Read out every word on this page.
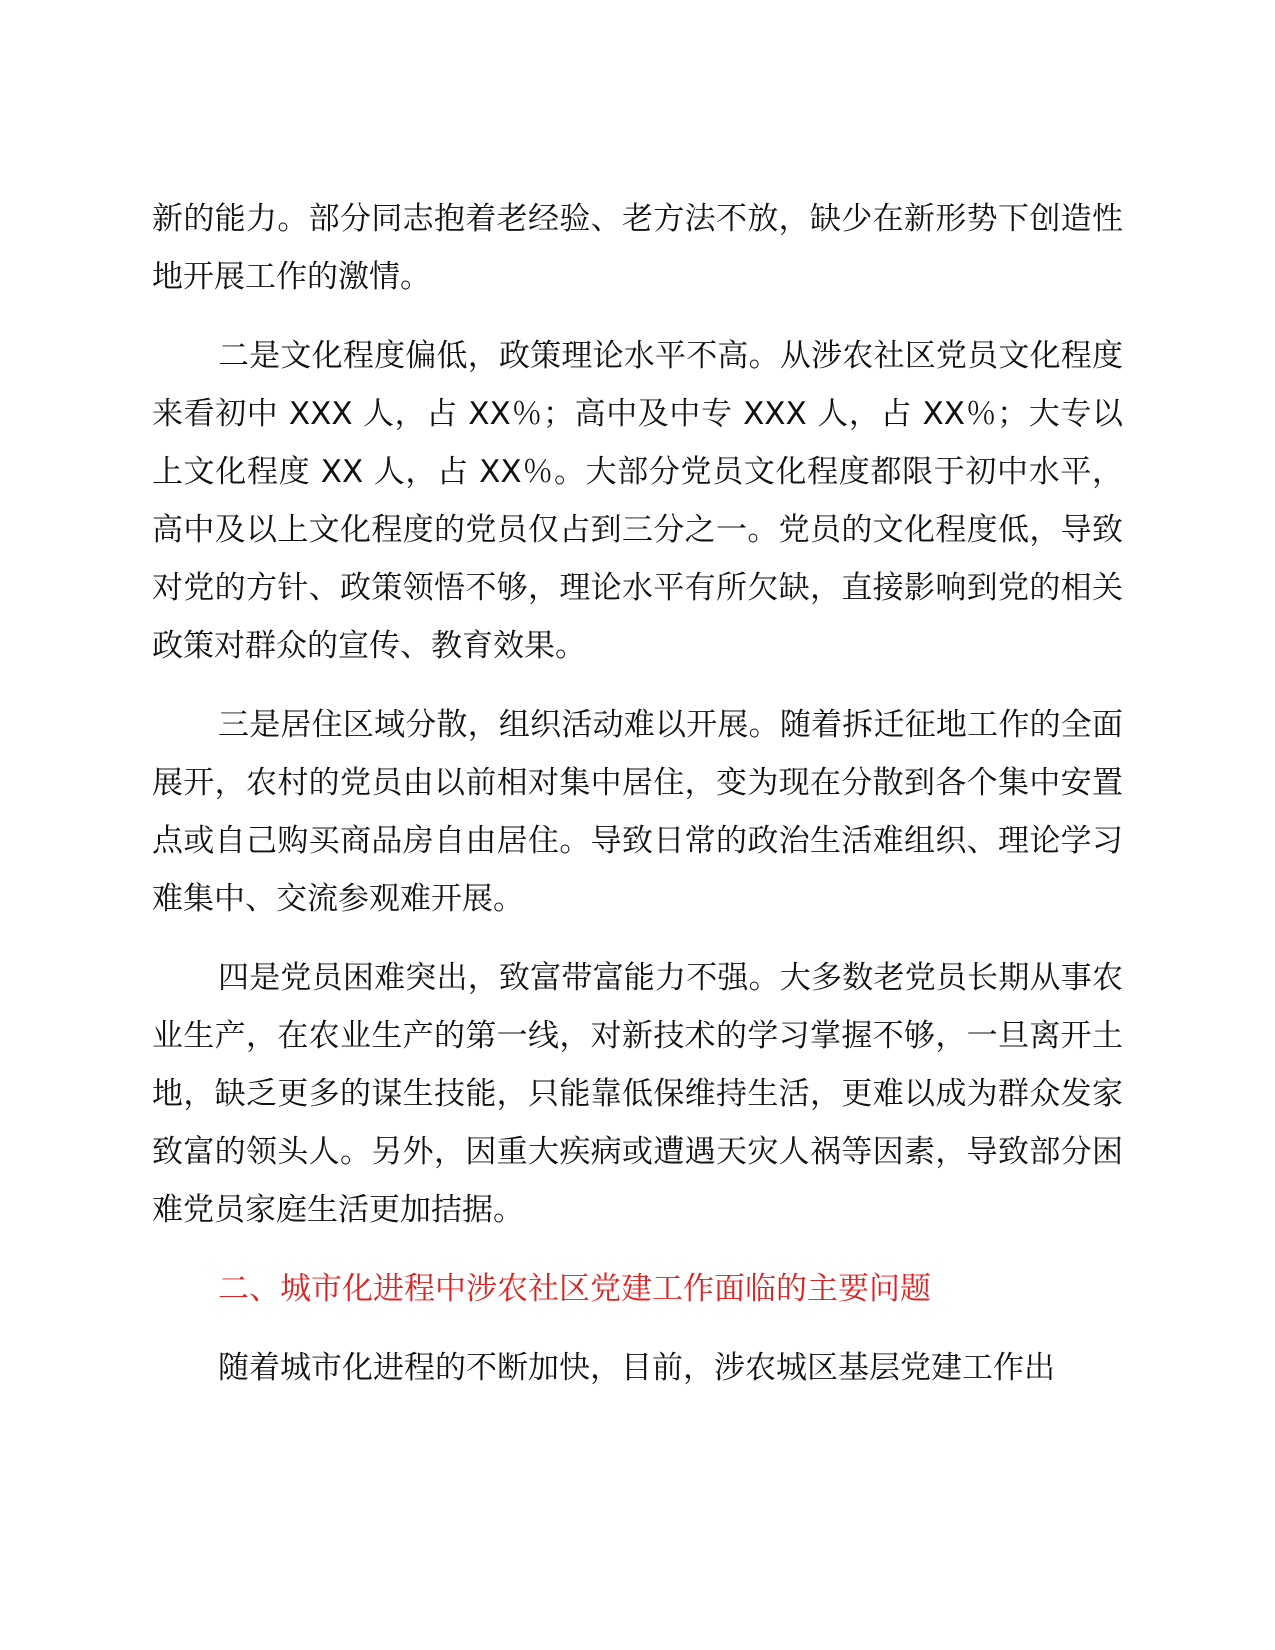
新的能力。部分同志抱着老经验、老方法不放，缺少在新形势下创造性地开展工作的激情。

二是文化程度偏低，政策理论水平不高。从涉农社区党员文化程度来看初中 XXX 人，占 XX％；高中及中专 XXX 人，占 XX％；大专以上文化程度 XX 人，占 XX％。大部分党员文化程度都限于初中水平，高中及以上文化程度的党员仅占到三分之一。党员的文化程度低，导致对党的方针、政策领悟不够，理论水平有所欠缺，直接影响到党的相关政策对群众的宣传、教育效果。

三是居住区域分散，组织活动难以开展。随着拆迁征地工作的全面展开，农村的党员由以前相对集中居住，变为现在分散到各个集中安置点或自己购买商品房自由居住。导致日常的政治生活难组织、理论学习难集中、交流参观难开展。

四是党员困难突出，致富带富能力不强。大多数老党员长期从事农业生产，在农业生产的第一线，对新技术的学习掌握不够，一旦离开土地，缺乏更多的谋生技能，只能靠低保维持生活，更难以成为群众发家致富的领头人。另外，因重大疾病或遭遇天灾人祸等因素，导致部分困难党员家庭生活更加拮据。

二、城市化进程中涉农社区党建工作面临的主要问题

随着城市化进程的不断加快，目前，涉农城区基层党建工作出
